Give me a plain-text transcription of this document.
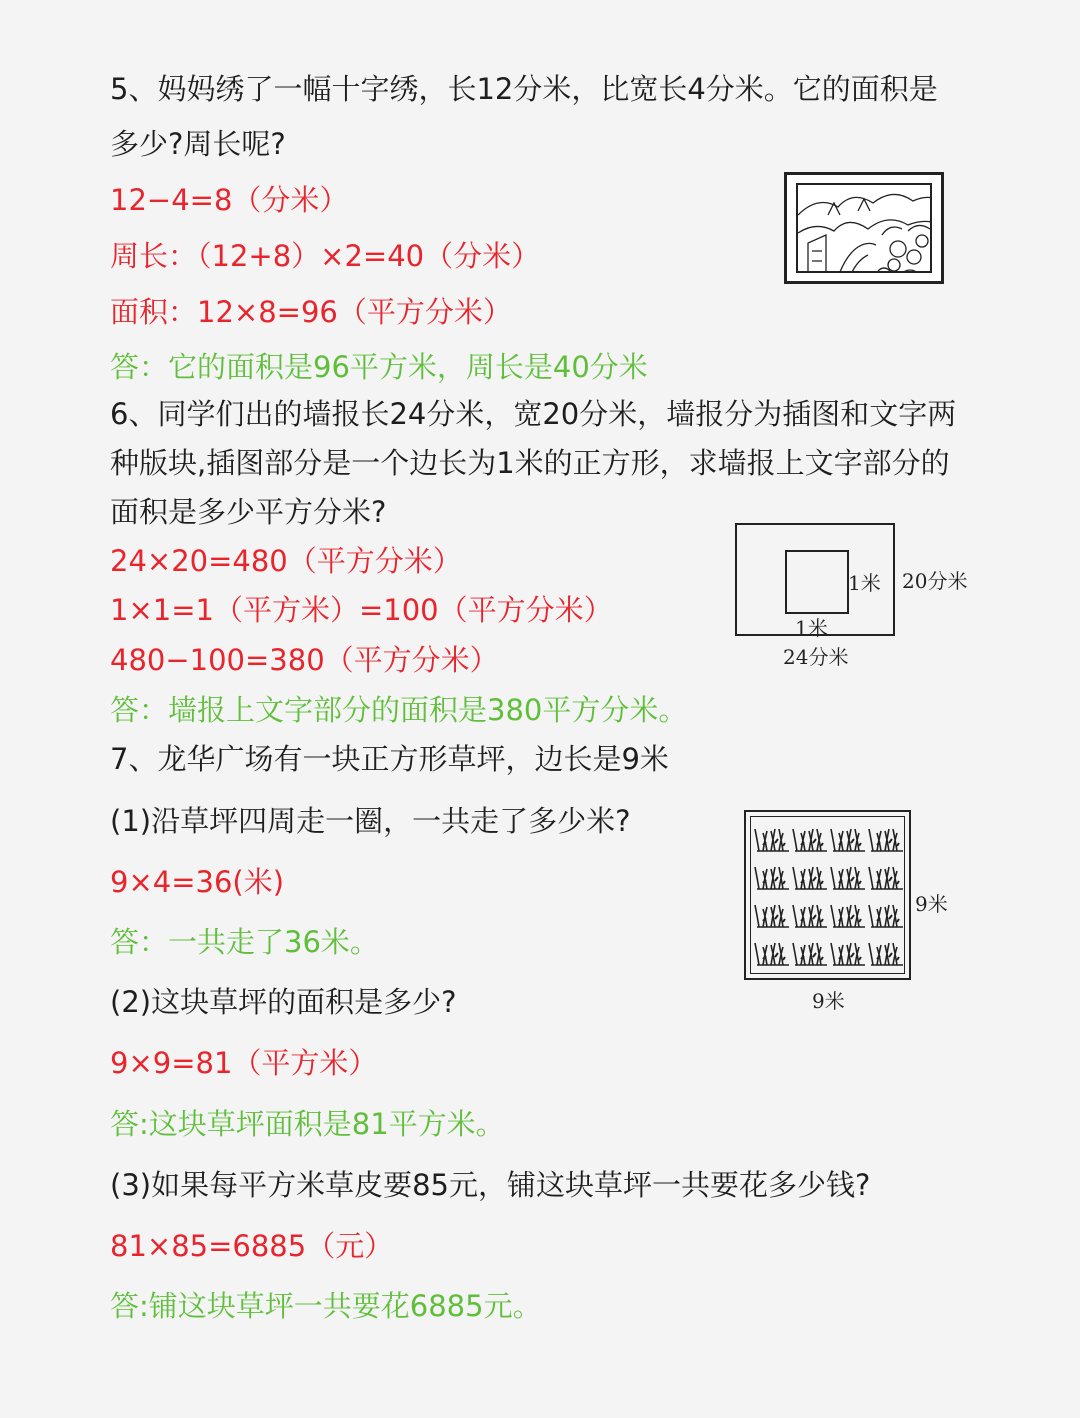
5、妈妈绣了一幅十字绣，长12分米，比宽长4分米。它的面积是
多少?周长呢?
12−4=8（分米）
周长：（12+8）×2=40（分米）
面积：12×8=96（平方分米）
答：它的面积是96平方米，周长是40分米
6、同学们出的墙报长24分米，宽20分米，墙报分为插图和文字两
种版块,插图部分是一个边长为1米的正方形，求墙报上文字部分的
面积是多少平方分米?
24×20=480（平方分米）
1×1=1（平方米）=100（平方分米）
480−100=380（平方分米）
答：墙报上文字部分的面积是380平方分米。
1米
1米
20分米
24分米
7、龙华广场有一块正方形草坪，边长是9米
(1)沿草坪四周走一圈，一共走了多少米?
9×4=36(米)
答：一共走了36米。
(2)这块草坪的面积是多少?
9×9=81（平方米）
答:这块草坪面积是81平方米。
(3)如果每平方米草皮要85元，铺这块草坪一共要花多少钱?
81×85=6885（元）
答:铺这块草坪一共要花6885元。
9米
9米
